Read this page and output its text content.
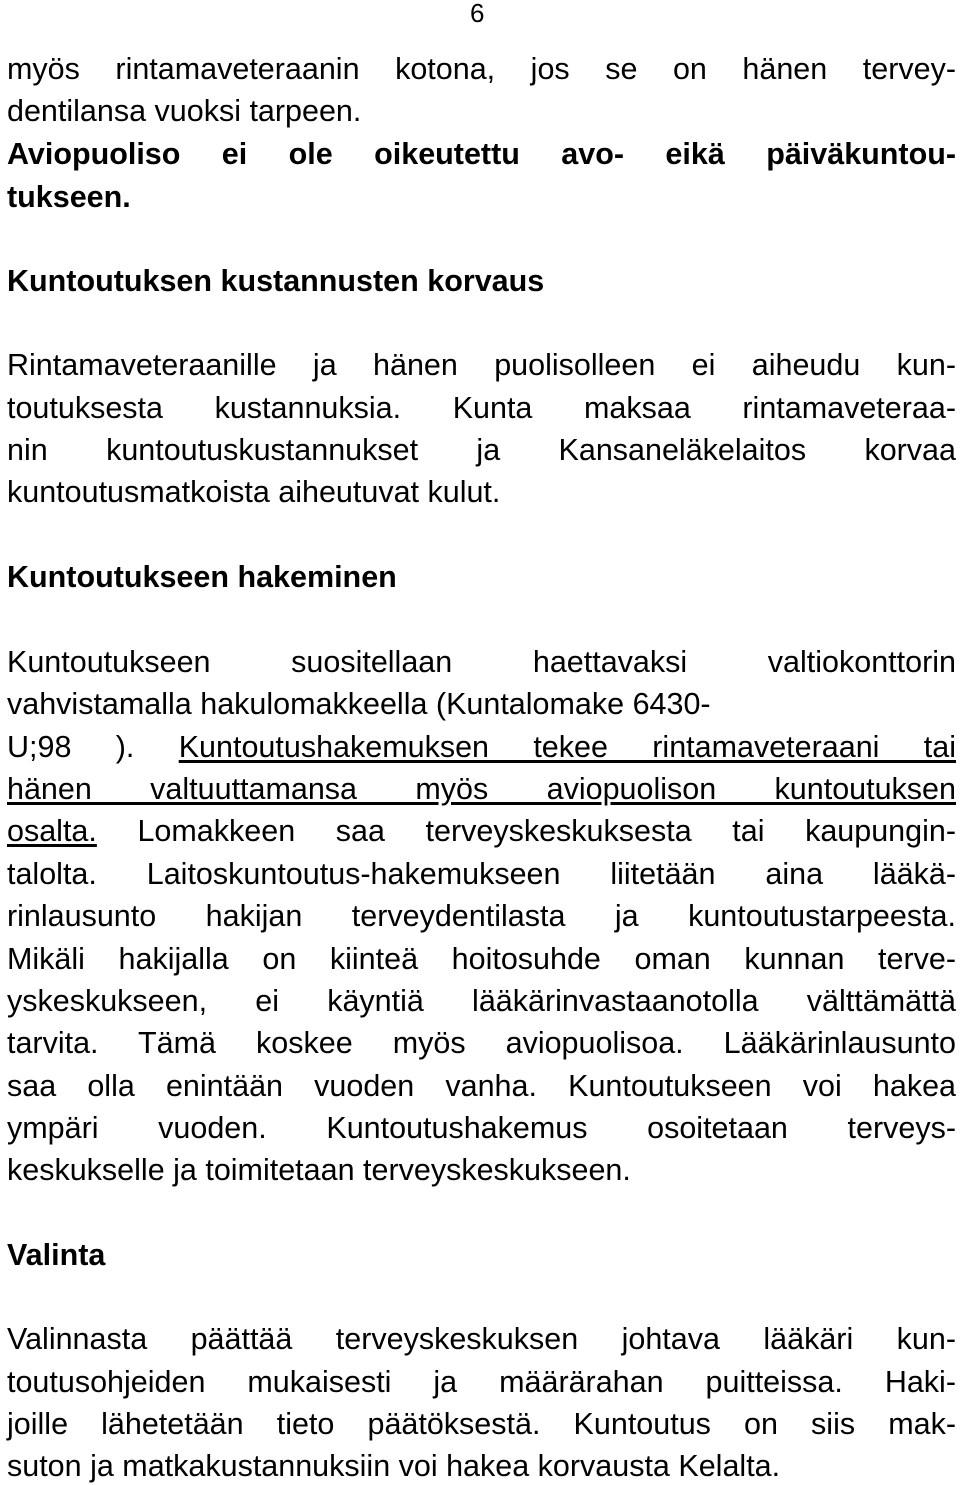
6
myös rintamaveteraanin kotona, jos se on hänen tervey-
dentilansa vuoksi tarpeen.
Aviopuoliso ei ole oikeutettu avo- eikä päiväkuntou-
tukseen.
Kuntoutuksen kustannusten korvaus
Rintamaveteraanille ja hänen puolisolleen ei aiheudu kun-
toutuksesta kustannuksia. Kunta maksaa rintamaveteraa-
nin kuntoutuskustannukset ja Kansaneläkelaitos korvaa
kuntoutusmatkoista aiheutuvat kulut.
Kuntoutukseen hakeminen
Kuntoutukseen suositellaan haettavaksi valtiokonttorin
vahvistamalla hakulomakkeella (Kuntalomake 6430-
U;98 ). Kuntoutushakemuksen tekee rintamaveteraani tai
hänen valtuuttamansa myös aviopuolison kuntoutuksen
osalta. Lomakkeen saa terveyskeskuksesta tai kaupungin-
talolta. Laitoskuntoutus-hakemukseen liitetään aina lääkä-
rinlausunto hakijan terveydentilasta ja kuntoutustarpeesta.
Mikäli hakijalla on kiinteä hoitosuhde oman kunnan terve-
yskeskukseen, ei käyntiä lääkärinvastaanotolla välttämättä
tarvita. Tämä koskee myös aviopuolisoa. Lääkärinlausunto
saa olla enintään vuoden vanha. Kuntoutukseen voi hakea
ympäri vuoden. Kuntoutushakemus osoitetaan terveys-
keskukselle ja toimitetaan terveyskeskukseen.
Valinta
Valinnasta päättää terveyskeskuksen johtava lääkäri kun-
toutusohjeiden mukaisesti ja määrärahan puitteissa. Haki-
joille lähetetään tieto päätöksestä. Kuntoutus on siis mak-
suton ja matkakustannuksiin voi hakea korvausta Kelalta.
